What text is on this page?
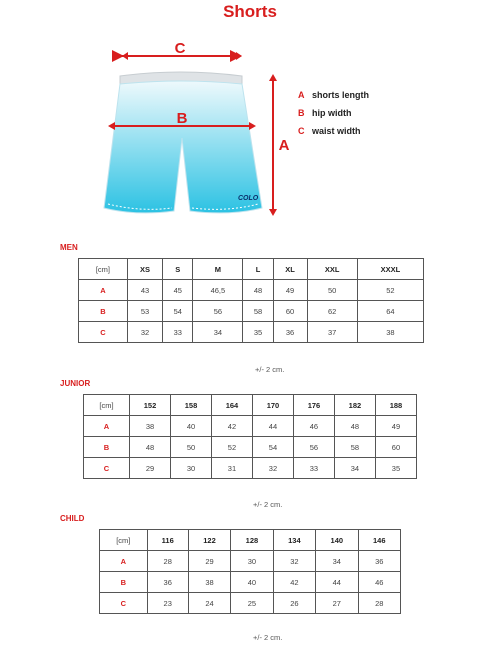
Shorts
COLO
C
B
A
A shorts length
B hip width
C waist width
MEN
[cm]	XS	S	M	L	XL	XXL	XXXL
A	43	45	46,5	48	49	50	52
B	53	54	56	58	60	62	64
C	32	33	34	35	36	37	38
+/- 2 cm.
JUNIOR
[cm]	152	158	164	170	176	182	188
A	38	40	42	44	46	48	49
B	48	50	52	54	56	58	60
C	29	30	31	32	33	34	35
+/- 2 cm.
CHILD
[cm]	116	122	128	134	140	146
A	28	29	30	32	34	36
B	36	38	40	42	44	46
C	23	24	25	26	27	28
+/- 2 cm.
